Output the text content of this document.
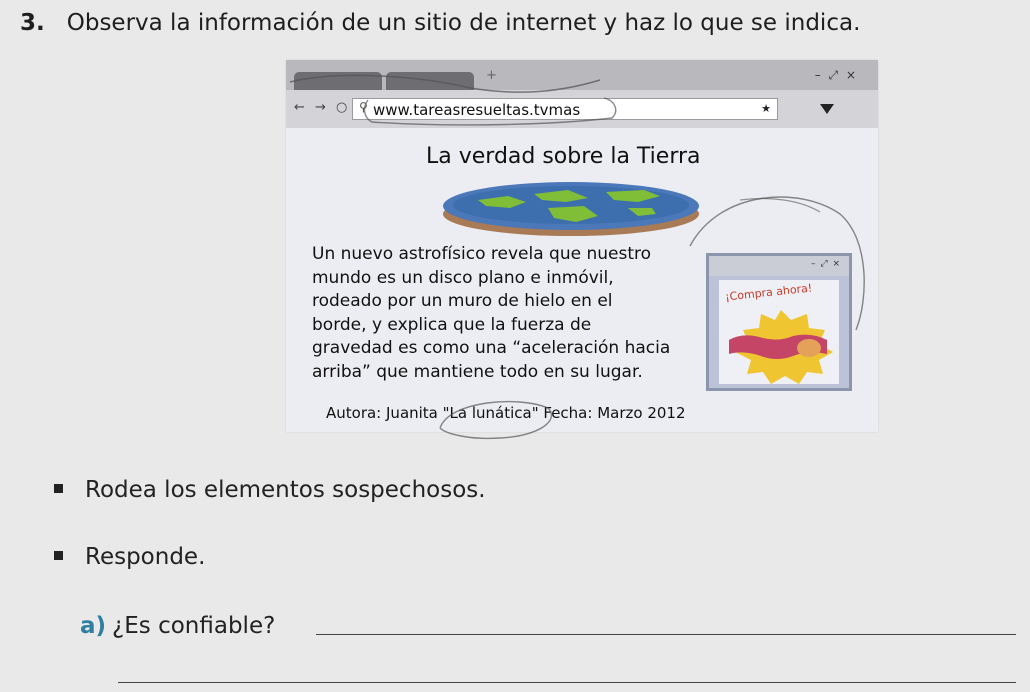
3. Observa la información de un sitio de internet y haz lo que se indica.
+	– ⤢ ×
← → ○ ⚲ www.tareasresueltas.tvmas	★
La verdad sobre la Tierra
Un nuevo astrofísico revela que nuestro
mundo es un disco plano e inmóvil,
rodeado por un muro de hielo en el
borde, y explica que la fuerza de
gravedad es como una “aceleración hacia
arriba” que mantiene todo en su lugar.
Autora: Juanita "La lunática" Fecha: Marzo 2012
– ⤢ ×
¡Compra ahora!
Rodea los elementos sospechosos.
Responde.
a) ¿Es confiable?
